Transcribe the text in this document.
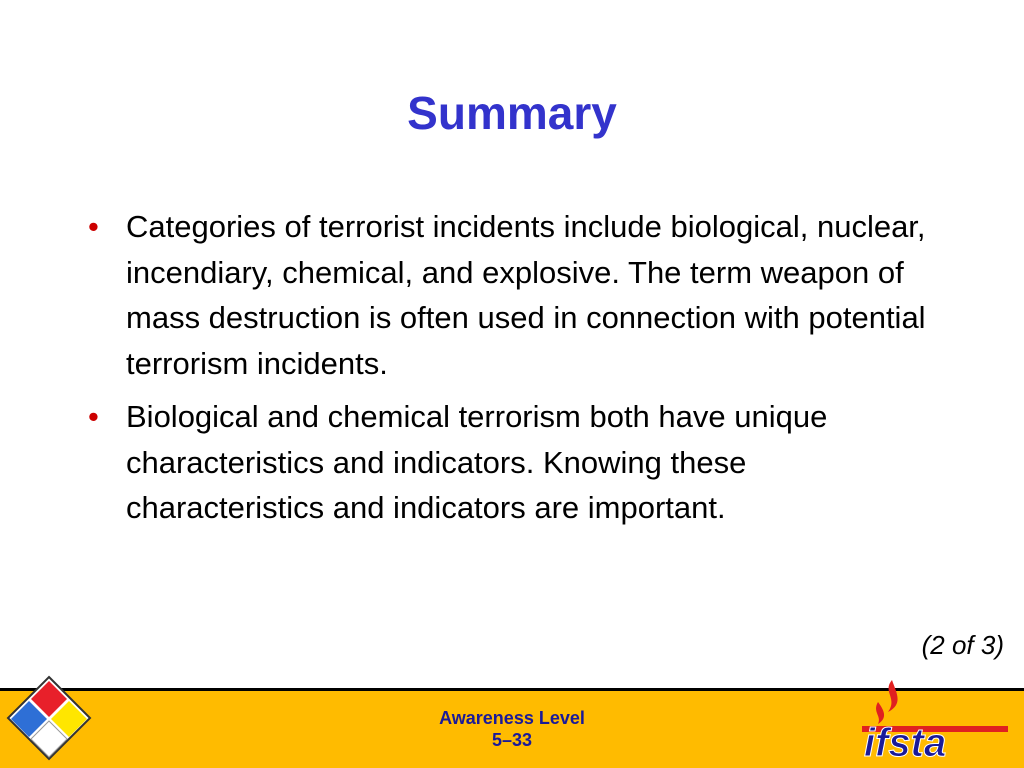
Summary
• Categories of terrorist incidents include biological, nuclear, incendiary, chemical, and explosive. The term weapon of mass destruction is often used in connection with potential terrorism incidents.
• Biological and chemical terrorism both have unique characteristics and indicators. Knowing these characteristics and indicators are important.
(2 of 3)
Awareness Level
5–33	ifsta
